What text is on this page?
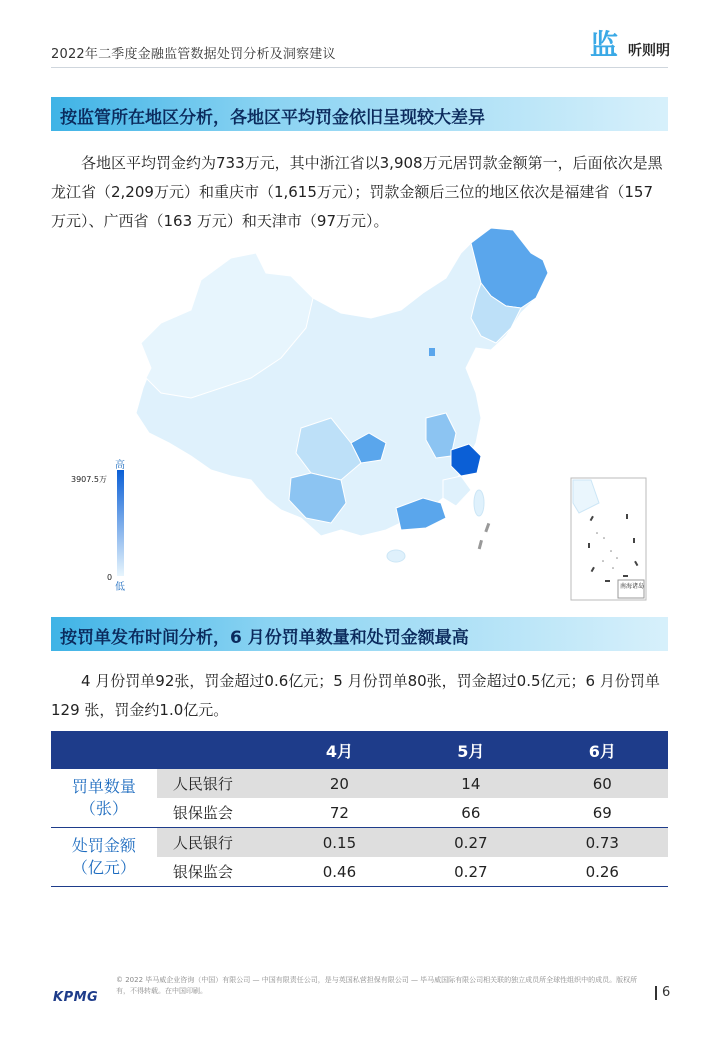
2022年二季度金融监管数据处罚分析及洞察建议	监 听则明
按监管所在地区分析，各地区平均罚金依旧呈现较大差异
各地区平均罚金约为733万元，其中浙江省以3,908万元居罚款金额第一，后面依次是黑龙江省（2,209万元）和重庆市（1,615万元）；罚款金额后三位的地区依次是福建省（157万元）、广西省（163 万元）和天津市（97万元）。
高
3907.5万
0
低	南海诸岛
按罚单发布时间分析，6 月份罚单数量和处罚金额最高
4 月份罚单92张，罚金超过0.6亿元；5 月份罚单80张，罚金超过0.5亿元；6 月份罚单129 张，罚金约1.0亿元。
		4月	5月	6月

罚单数量
（张）	人民银行	20	14	60
	银保监会	72	66	69

处罚金额
（亿元）	人民银行	0.15	0.27	0.73
	银保监会	0.46	0.27	0.26
KPMG
© 2022 毕马威企业咨询（中国）有限公司 — 中国有限责任公司，是与英国私营担保有限公司 — 毕马威国际有限公司相关联的独立成员所全球性组织中的成员。版权所有，不得转载。在中国印刷。	6
